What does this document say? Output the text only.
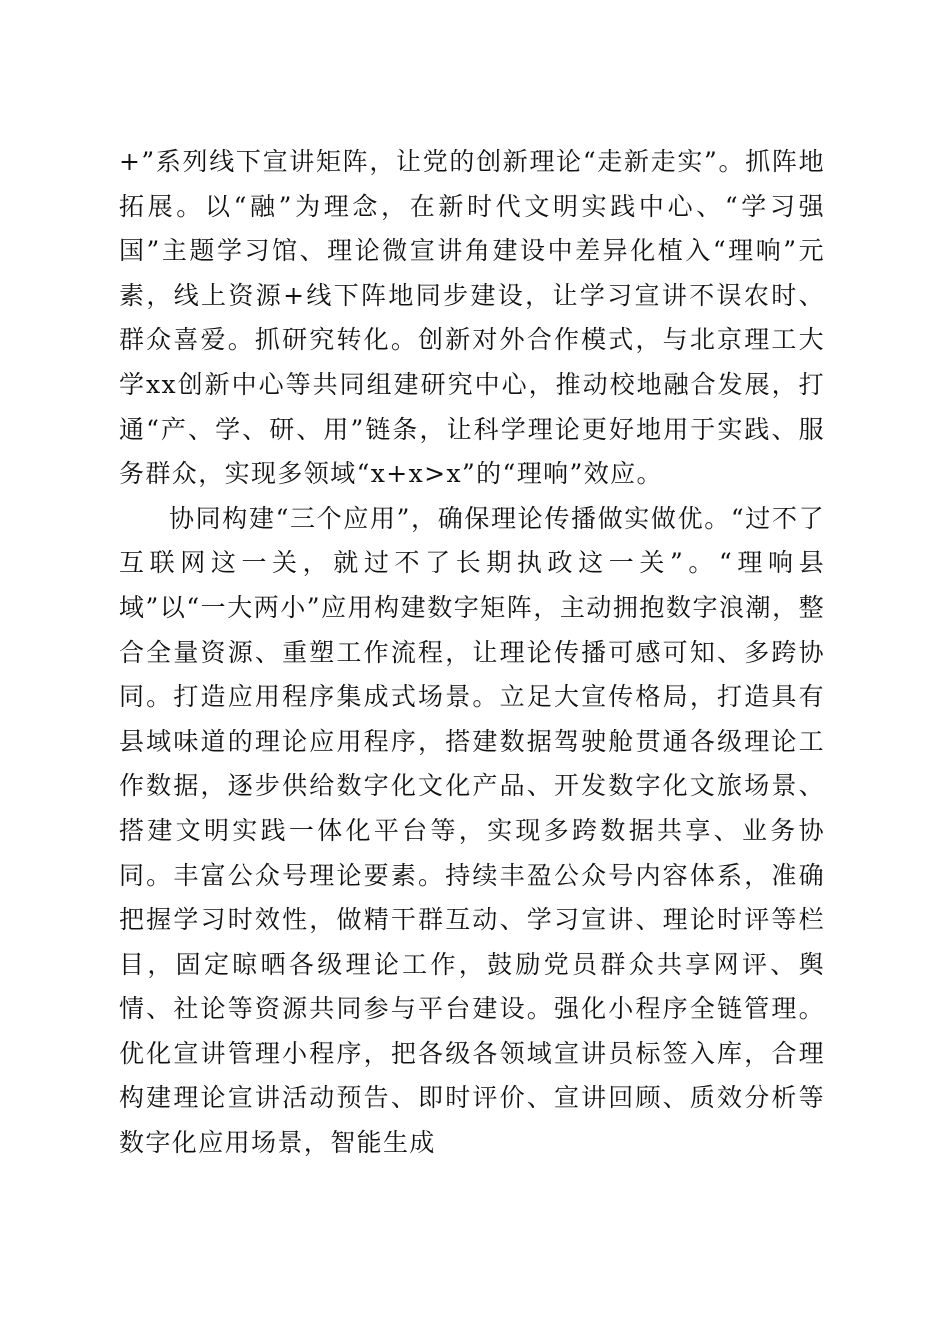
+”系列线下宣讲矩阵，让党的创新理论“走新走实”。抓阵地拓展。以“融”为理念，在新时代文明实践中心、“学习强国”主题学习馆、理论微宣讲角建设中差异化植入“理响”元素，线上资源+线下阵地同步建设，让学习宣讲不误农时、群众喜爱。抓研究转化。创新对外合作模式，与北京理工大学xx创新中心等共同组建研究中心，推动校地融合发展，打通“产、学、研、用”链条，让科学理论更好地用于实践、服务群众，实现多领域“x+x>x”的“理响”效应。

协同构建“三个应用”，确保理论传播做实做优。“过不了互联网这一关，就过不了长期执政这一关”。“理响县域”以“一大两小”应用构建数字矩阵，主动拥抱数字浪潮，整合全量资源、重塑工作流程，让理论传播可感可知、多跨协同。打造应用程序集成式场景。立足大宣传格局，打造具有县域味道的理论应用程序，搭建数据驾驶舱贯通各级理论工作数据，逐步供给数字化文化产品、开发数字化文旅场景、搭建文明实践一体化平台等，实现多跨数据共享、业务协同。丰富公众号理论要素。持续丰盈公众号内容体系，准确把握学习时效性，做精干群互动、学习宣讲、理论时评等栏目，固定晾晒各级理论工作，鼓励党员群众共享网评、舆情、社论等资源共同参与平台建设。强化小程序全链管理。优化宣讲管理小程序，把各级各领域宣讲员标签入库，合理构建理论宣讲活动预告、即时评价、宣讲回顾、质效分析等数字化应用场景，智能生成
